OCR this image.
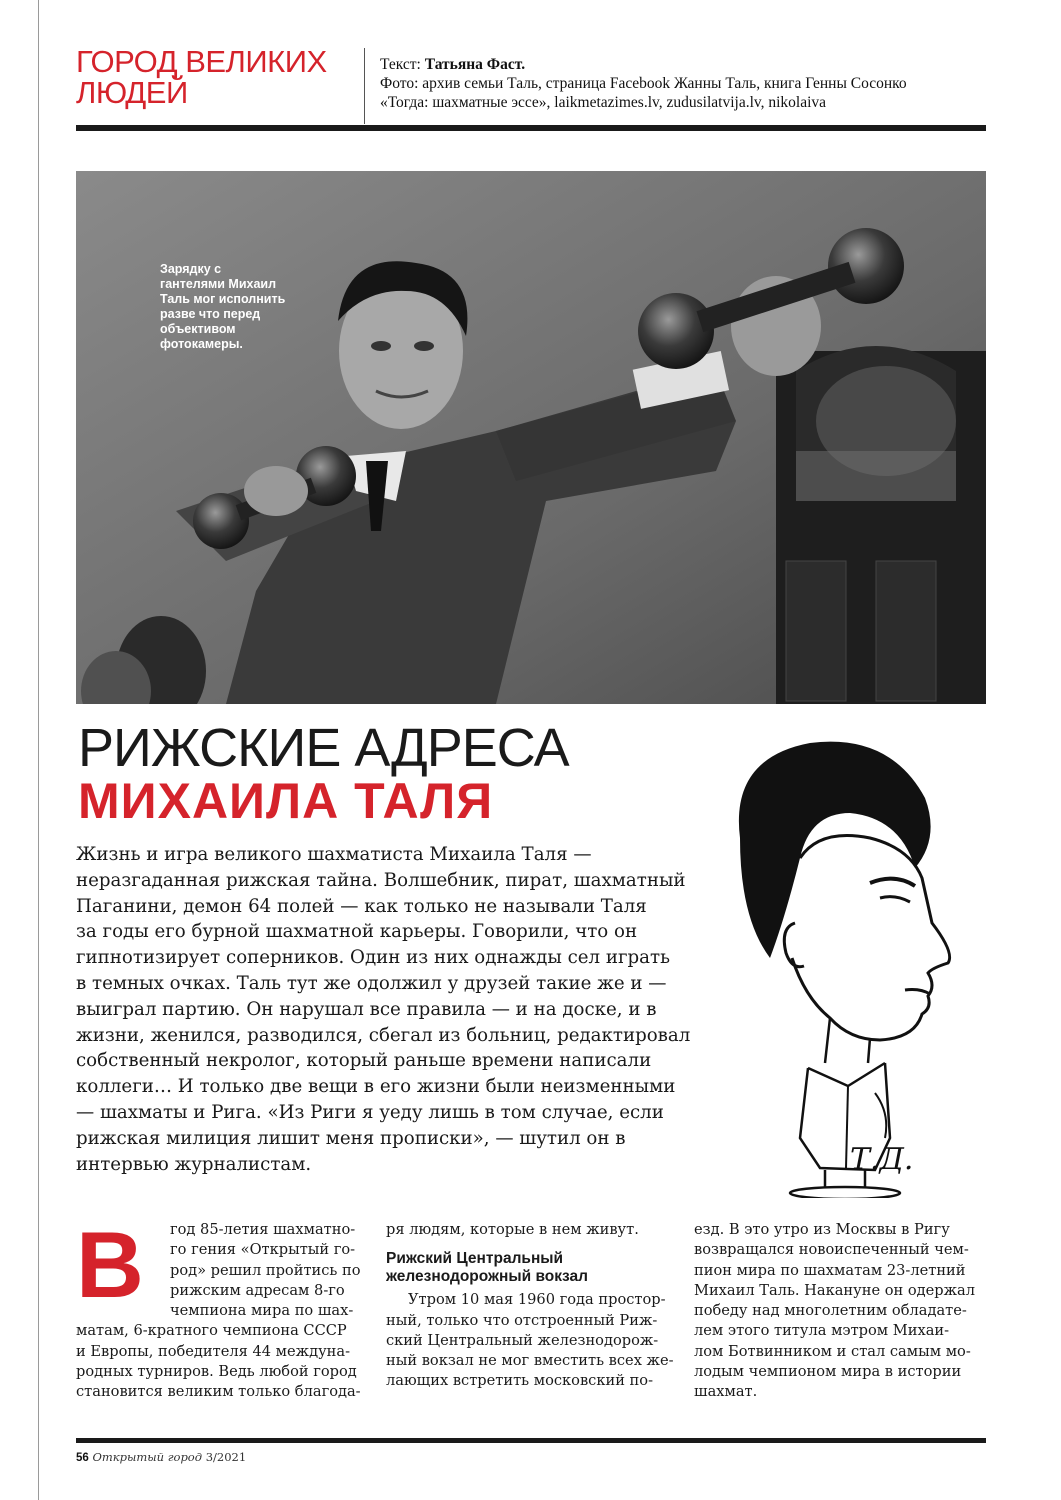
ГОРОД ВЕЛИКИХ
ЛЮДЕЙ
Текст: Татьяна Фаст.
Фото: архив семьи Таль, страница Facebook Жанны Таль, книга Генны Сосонко
«Тогда: шахматные эссе», laikmetazimes.lv, zudusilatvija.lv, nikolaiva
Зарядку с
гантелями Михаил
Таль мог исполнить
разве что перед
объективом
фотокамеры.
РИЖСКИЕ АДРЕСА
МИХАИЛА ТАЛЯ
Жизнь и игра великого шахматиста Михаила Таля —
неразгаданная рижская тайна. Волшебник, пират, шахматный
Паганини, демон 64 полей — как только не называли Таля
за годы его бурной шахматной карьеры. Говорили, что он
гипнотизирует соперников. Один из них однажды сел играть
в темных очках. Таль тут же одолжил у друзей такие же и —
выиграл партию. Он нарушал все правила — и на доске, и в
жизни, женился, разводился, сбегал из больниц, редактировал
собственный некролог, который раньше времени написали
коллеги… И только две вещи в его жизни были неизменными
— шахматы и Рига. «Из Риги я уеду лишь в том случае, если
рижская милиция лишит меня прописки», — шутил он в
интервью журналистам.	Т.Д.
В	год 85-летия шахматно-
го гения «Открытый го-
род» решил пройтись по
рижским адресам 8-го
чемпиона мира по шах-
матам, 6-кратного чемпиона СССР
и Европы, победителя 44 междуна-
родных турниров. Ведь любой город
становится великим только благода-
ря людям, которые в нем живут.
Рижский Центральный
железнодорожный вокзал
Утром 10 мая 1960 года простор-
ный, только что отстроенный Риж-
ский Центральный железнодорож-
ный вокзал не мог вместить всех же-
лающих встретить московский по-
езд. В это утро из Москвы в Ригу
возвращался новоиспеченный чем-
пион мира по шахматам 23-летний
Михаил Таль. Накануне он одержал
победу над многолетним обладате-
лем этого титула мэтром Михаи-
лом Ботвинником и стал самым мо-
лодым чемпионом мира в истории
шахмат.
56 Открытый город 3/2021
